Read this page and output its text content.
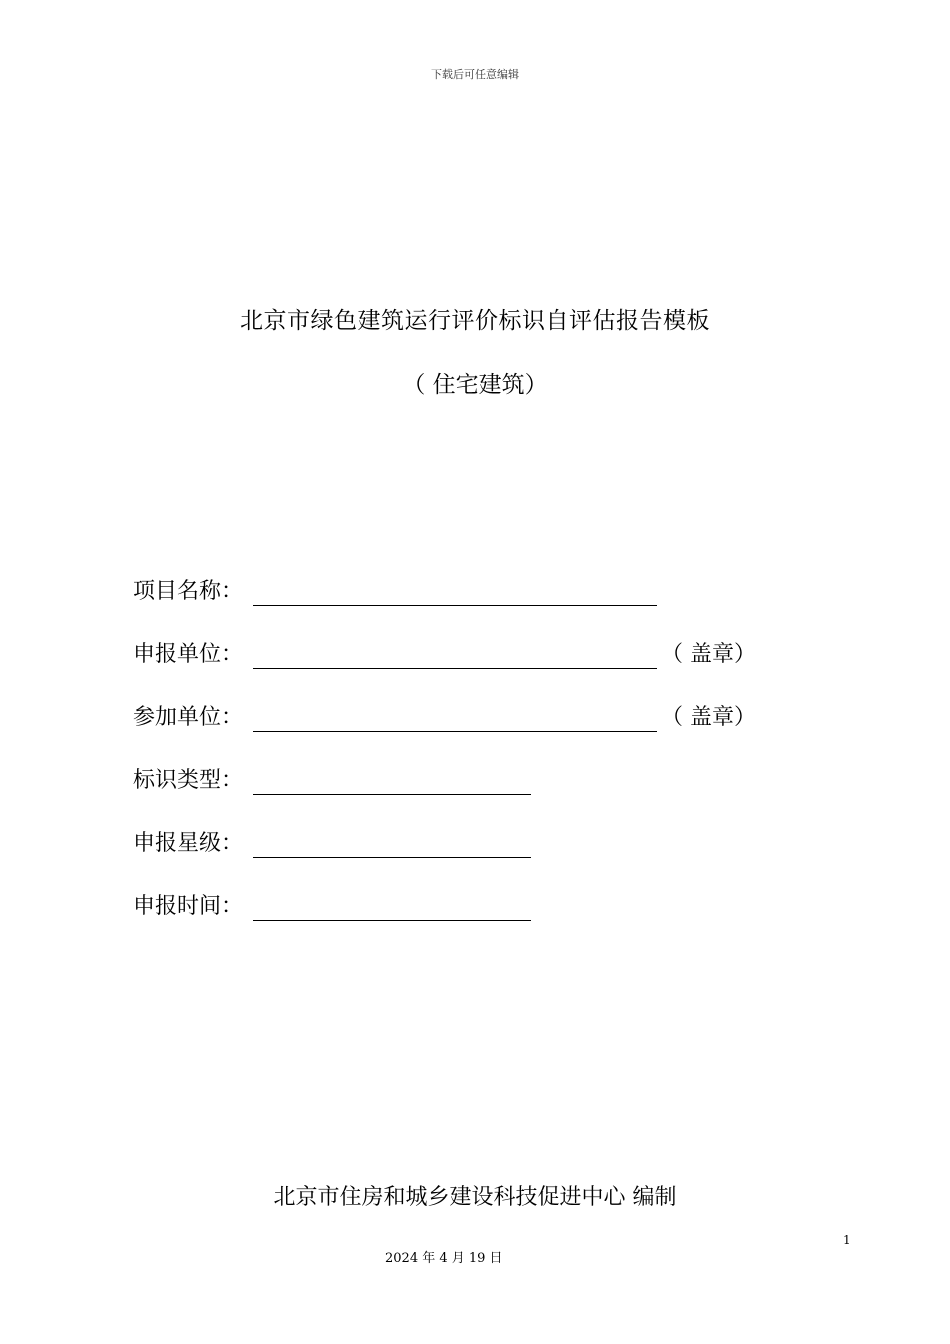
下载后可任意编辑
北京市绿色建筑运行评价标识自评估报告模板
（ 住宅建筑）
项目名称：
申报单位：	（ 盖章）
参加单位：	（ 盖章）
标识类型：
申报星级：
申报时间：
北京市住房和城乡建设科技促进中心 编制
1
2024 年 4 月 19 日
